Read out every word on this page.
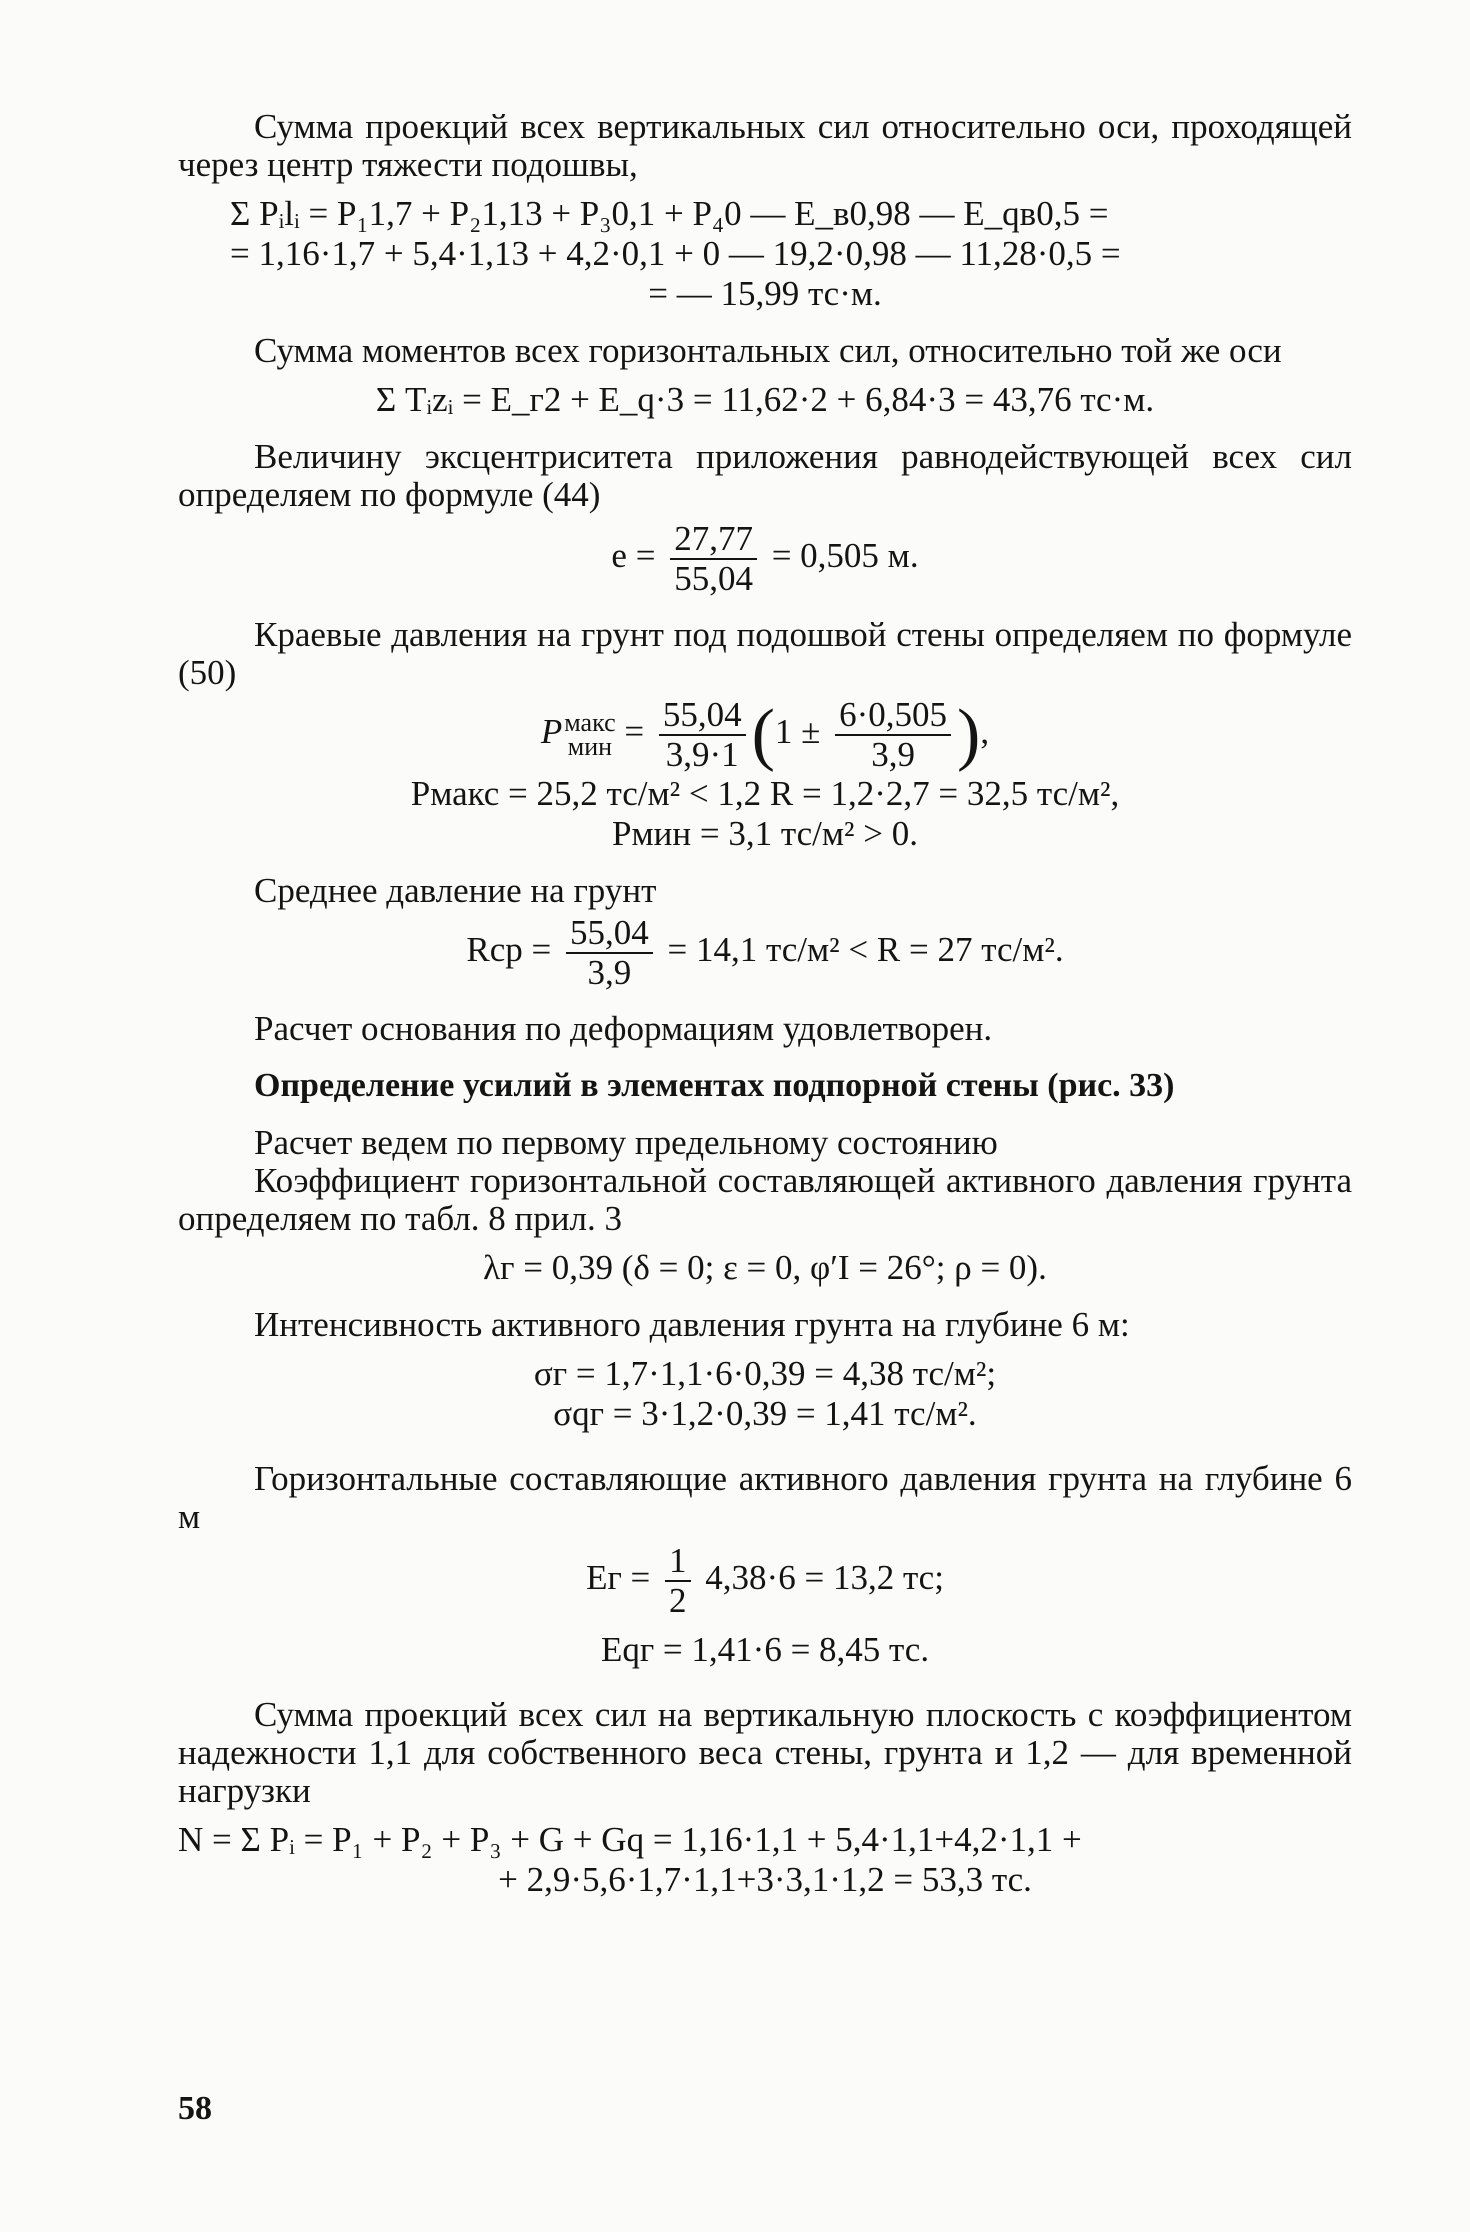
Сумма проекций всех вертикальных сил относительно оси, проходящей через центр тяжести подошвы,

Σ Pᵢlᵢ = P₁1,7 + P₂1,13 + P₃0,1 + P₄0 — E_в0,98 — E_qв0,5 =

= 1,16·1,7 + 5,4·1,13 + 4,2·0,1 + 0 — 19,2·0,98 — 11,28·0,5 =

= — 15,99 тс·м.

Сумма моментов всех горизонтальных сил, относительно той же оси

Σ Tᵢzᵢ = E_г2 + E_q·3 = 11,62·2 + 6,84·3 = 43,76 тс·м.

Величину эксцентриситета приложения равнодействующей всех сил определяем по формуле (44)

$e = \frac{27,77}{55,04} = 0,505$ м.

Краевые давления на грунт под подошвой стены определяем по формуле (50)

P макс
мин = $\frac{55,04}{3,9\cdot 1} (1 \pm \frac{6\cdot 0,505}{3,9}$ ),

Pмакс = 25,2 тс/м² < 1,2 R = 1,2·2,7 = 32,5 тс/м²,

Pмин = 3,1 тс/м² > 0.

Среднее давление на грунт

Rср = $\frac{55,04}{3,9} = 14,1$ тс/м² < R = 27 тс/м².

Расчет основания по деформациям удовлетворен.

Определение усилий в элементах подпорной стены (рис. 33)

Расчет ведем по первому предельному состоянию

Коэффициент горизонтальной составляющей активного давления грунта определяем по табл. 8 прил. 3

λг = 0,39 (δ = 0; ε = 0, φ′I = 26°; ρ = 0).

Интенсивность активного давления грунта на глубине 6 м:

σг = 1,7·1,1·6·0,39 = 4,38 тс/м²;

σqг = 3·1,2·0,39 = 1,41 тс/м².

Горизонтальные составляющие активного давления грунта на глубине 6 м

Eг = $\frac{1}{2} 4,38\cdot 6 = 13,2$ тс;

Eqг = 1,41·6 = 8,45 тс.

Сумма проекций всех сил на вертикальную плоскость с коэффициентом надежности 1,1 для собственного веса стены, грунта и 1,2 — для временной нагрузки

N = Σ Pᵢ = P₁ + P₂ + P₃ + G + Gq = 1,16·1,1 + 5,4·1,1+4,2·1,1 +

+ 2,9·5,6·1,7·1,1+3·3,1·1,2 = 53,3 тс.

58
